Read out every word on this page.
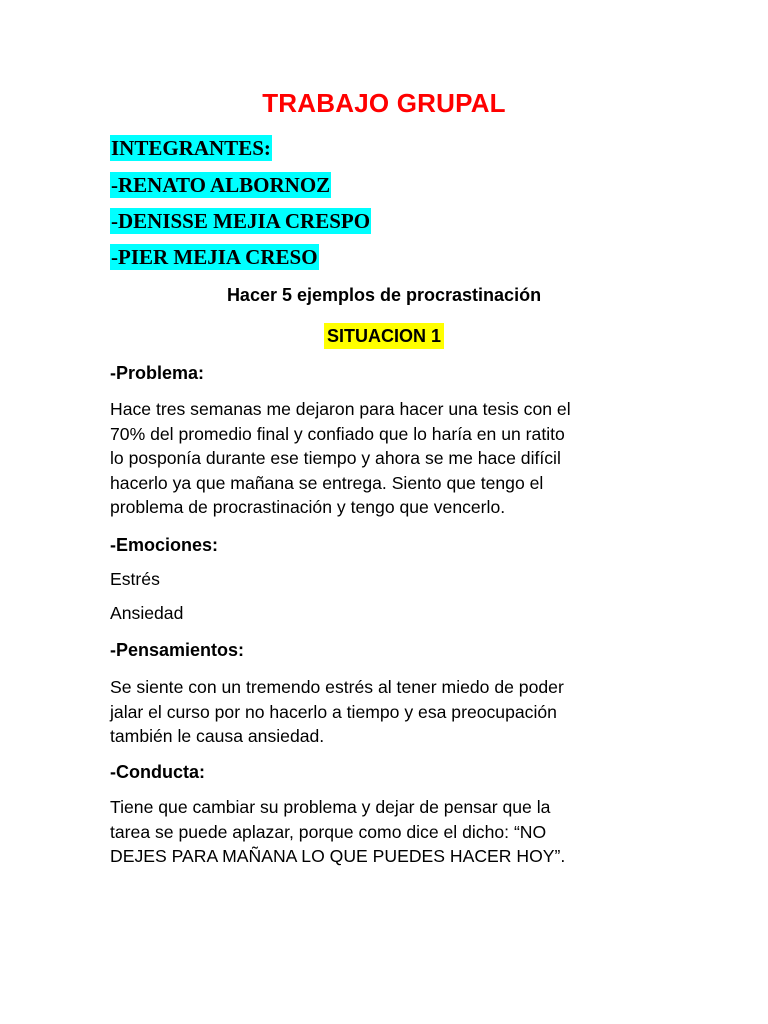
TRABAJO GRUPAL
INTEGRANTES:
-RENATO ALBORNOZ
-DENISSE MEJIA CRESPO
-PIER MEJIA CRESO
Hacer 5 ejemplos de procrastinación
SITUACION 1
-Problema:
Hace tres semanas me dejaron para hacer una tesis con el
70% del promedio final y confiado que lo haría en un ratito
lo posponía durante ese tiempo y ahora se me hace difícil
hacerlo ya que mañana se entrega. Siento que tengo el
problema de procrastinación y tengo que vencerlo.
-Emociones:
Estrés
Ansiedad
-Pensamientos:
Se siente con un tremendo estrés al tener miedo de poder
jalar el curso por no hacerlo a tiempo y esa preocupación
también le causa ansiedad.
-Conducta:
Tiene que cambiar su problema y dejar de pensar que la
tarea se puede aplazar, porque como dice el dicho: “NO
DEJES PARA MAÑANA LO QUE PUEDES HACER HOY”.
